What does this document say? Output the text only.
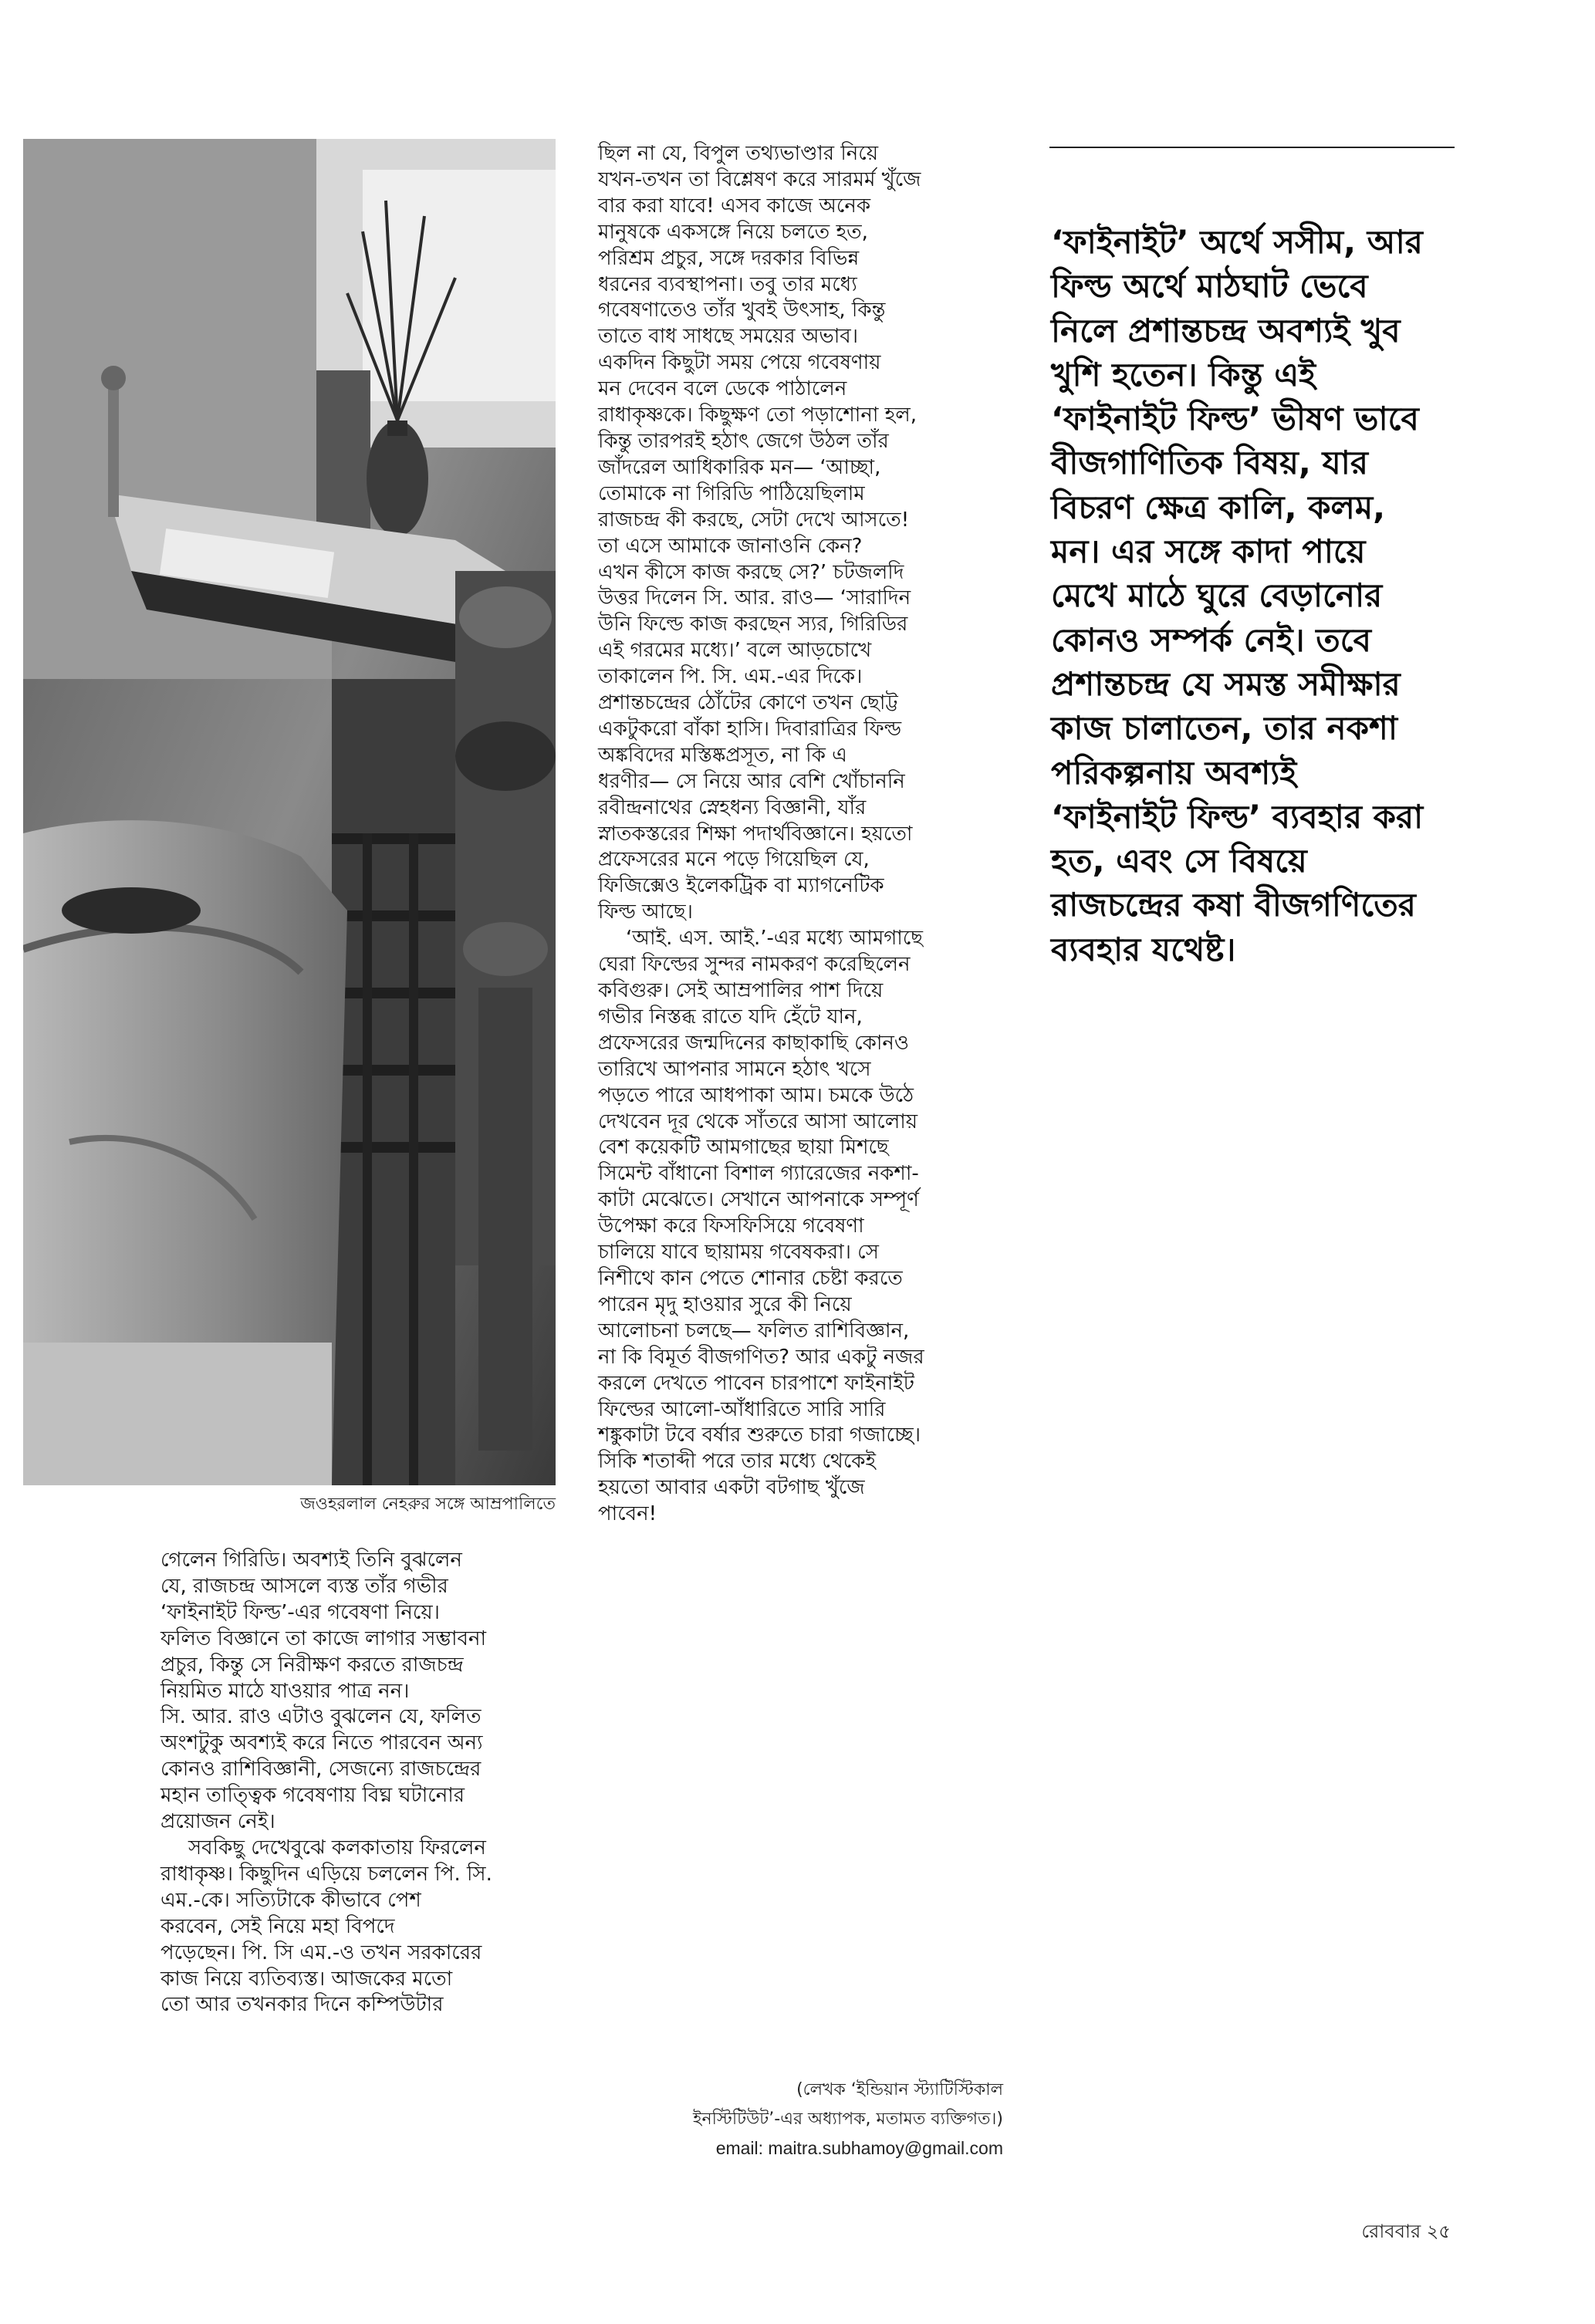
জওহরলাল নেহরুর সঙ্গে আম্রপালিতে

গেলেন গিরিডি। অবশ্যই তিনি বুঝলেন
যে, রাজচন্দ্র আসলে ব্যস্ত তাঁর গভীর
‘ফাইনাইট ফিল্ড’-এর গবেষণা নিয়ে।
ফলিত বিজ্ঞানে তা কাজে লাগার সম্ভাবনা
প্রচুর, কিন্তু সে নিরীক্ষণ করতে রাজচন্দ্র
নিয়মিত মাঠে যাওয়ার পাত্র নন।
সি. আর. রাও এটাও বুঝলেন যে, ফলিত
অংশটুকু অবশ্যই করে নিতে পারবেন অন্য
কোনও রাশিবিজ্ঞানী, সেজন্যে রাজচন্দ্রের
মহান তাত্ত্বিক গবেষণায় বিঘ্ন ঘটানোর
প্রয়োজন নেই।

সবকিছু দেখেবুঝে কলকাতায় ফিরলেন
রাধাকৃষ্ণ। কিছুদিন এড়িয়ে চললেন পি. সি.
এম.-কে। সত্যিটাকে কীভাবে পেশ
করবেন, সেই নিয়ে মহা বিপদে
পড়েছেন। পি. সি এম.-ও তখন সরকারের
কাজ নিয়ে ব্যতিব্যস্ত। আজকের মতো
তো আর তখনকার দিনে কম্পিউটার

ছিল না যে, বিপুল তথ্যভাণ্ডার নিয়ে
যখন-তখন তা বিশ্লেষণ করে সারমর্ম খুঁজে
বার করা যাবে! এসব কাজে অনেক
মানুষকে একসঙ্গে নিয়ে চলতে হত,
পরিশ্রম প্রচুর, সঙ্গে দরকার বিভিন্ন
ধরনের ব্যবস্থাপনা। তবু তার মধ্যে
গবেষণাতেও তাঁর খুবই উৎসাহ, কিন্তু
তাতে বাধ সাধছে সময়ের অভাব।
একদিন কিছুটা সময় পেয়ে গবেষণায়
মন দেবেন বলে ডেকে পাঠালেন
রাধাকৃষ্ণকে। কিছুক্ষণ তো পড়াশোনা হল,
কিন্তু তারপরই হঠাৎ জেগে উঠল তাঁর
জাঁদরেল আধিকারিক মন— ‘আচ্ছা,
তোমাকে না গিরিডি পাঠিয়েছিলাম
রাজচন্দ্র কী করছে, সেটা দেখে আসতে!
তা এসে আমাকে জানাওনি কেন?
এখন কীসে কাজ করছে সে?’ চটজলদি
উত্তর দিলেন সি. আর. রাও— ‘সারাদিন
উনি ফিল্ডে কাজ করছেন স্যর, গিরিডির
এই গরমের মধ্যে।’ বলে আড়চোখে
তাকালেন পি. সি. এম.-এর দিকে।
প্রশান্তচন্দ্রের ঠোঁটের কোণে তখন ছোট্ট
একটুকরো বাঁকা হাসি। দিবারাত্রির ফিল্ড
অঙ্কবিদের মস্তিষ্কপ্রসূত, না কি এ
ধরণীর— সে নিয়ে আর বেশি খোঁচাননি
রবীন্দ্রনাথের স্নেহধন্য বিজ্ঞানী, যাঁর
স্নাতকস্তরের শিক্ষা পদার্থবিজ্ঞানে। হয়তো
প্রফেসরের মনে পড়ে গিয়েছিল যে,
ফিজিক্সেও ইলেকট্রিক বা ম্যাগনেটিক
ফিল্ড আছে।

‘আই. এস. আই.’-এর মধ্যে আমগাছে
ঘেরা ফিল্ডের সুন্দর নামকরণ করেছিলেন
কবিগুরু। সেই আম্রপালির পাশ দিয়ে
গভীর নিস্তব্ধ রাতে যদি হেঁটে যান,
প্রফেসরের জন্মদিনের কাছাকাছি কোনও
তারিখে আপনার সামনে হঠাৎ খসে
পড়তে পারে আধপাকা আম। চমকে উঠে
দেখবেন দূর থেকে সাঁতরে আসা আলোয়
বেশ কয়েকটি আমগাছের ছায়া মিশছে
সিমেন্ট বাঁধানো বিশাল গ্যারেজের নকশা-
কাটা মেঝেতে। সেখানে আপনাকে সম্পূর্ণ
উপেক্ষা করে ফিসফিসিয়ে গবেষণা
চালিয়ে যাবে ছায়াময় গবেষকরা। সে
নিশীথে কান পেতে শোনার চেষ্টা করতে
পারেন মৃদু হাওয়ার সুরে কী নিয়ে
আলোচনা চলছে— ফলিত রাশিবিজ্ঞান,
না কি বিমূর্ত বীজগণিত? আর একটু নজর
করলে দেখতে পাবেন চারপাশে ফাইনাইট
ফিল্ডের আলো-আঁধারিতে সারি সারি
শঙ্কুকাটা টবে বর্ষার শুরুতে চারা গজাচ্ছে।
সিকি শতাব্দী পরে তার মধ্যে থেকেই
হয়তো আবার একটা বটগাছ খুঁজে
পাবেন!

‘ফাইনাইট’ অর্থে সসীম, আর
ফিল্ড অর্থে মাঠঘাট ভেবে
নিলে প্রশান্তচন্দ্র অবশ্যই খুব
খুশি হতেন। কিন্তু এই
‘ফাইনাইট ফিল্ড’ ভীষণ ভাবে
বীজগাণিতিক বিষয়, যার
বিচরণ ক্ষেত্র কালি, কলম,
মন। এর সঙ্গে কাদা পায়ে
মেখে মাঠে ঘুরে বেড়ানোর
কোনও সম্পর্ক নেই। তবে
প্রশান্তচন্দ্র যে সমস্ত সমীক্ষার
কাজ চালাতেন, তার নকশা
পরিকল্পনায় অবশ্যই
‘ফাইনাইট ফিল্ড’ ব্যবহার করা
হত, এবং সে বিষয়ে
রাজচন্দ্রের কষা বীজগণিতের
ব্যবহার যথেষ্ট।

(লেখক ‘ইন্ডিয়ান স্ট্যাটিস্টিকাল
ইনস্টিটিউট’-এর অধ্যাপক, মতামত ব্যক্তিগত।)
email: maitra.subhamoy@gmail.com
রোববার ২৫
